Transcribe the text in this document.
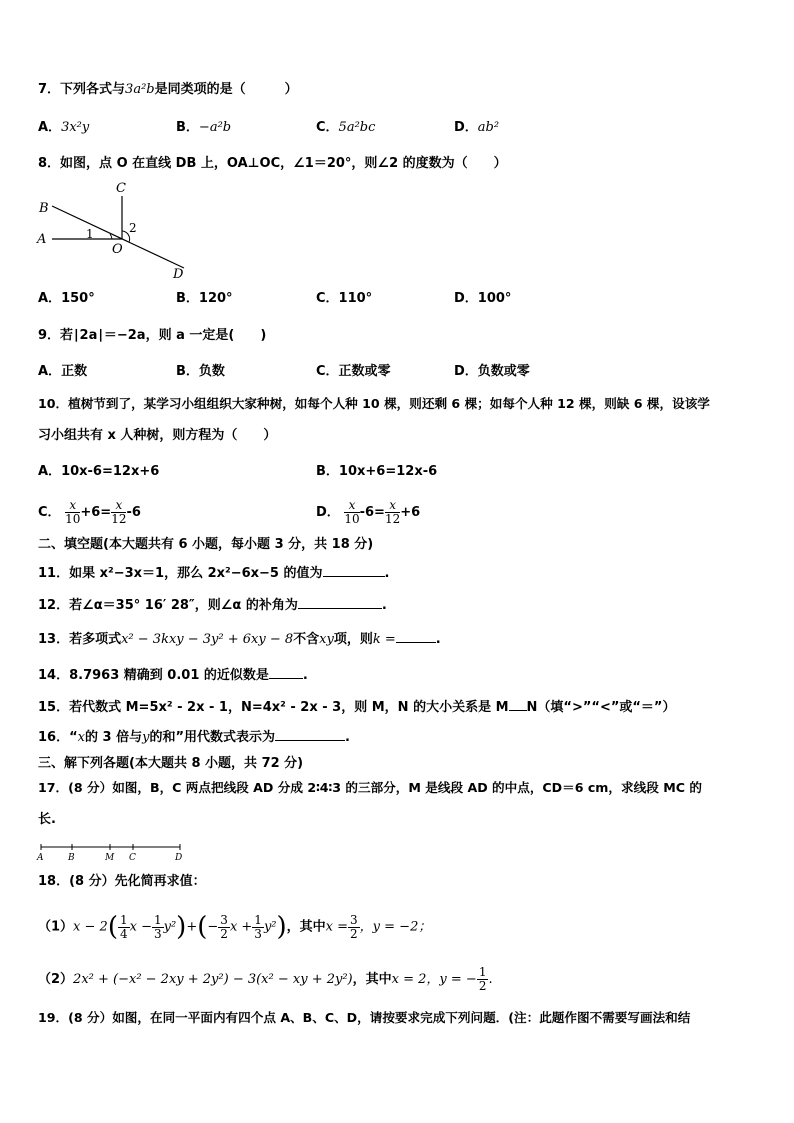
7．下列各式与3a²b是同类项的是（　　　）
A．3x²y	B．−a²b	C．5a²bc	D．ab²
8．如图，点 O 在直线 DB 上，OA⊥OC，∠1＝20°，则∠2 的度数为（　　）
B
C
A
O
D
1	2
A．150°	B．120°	C．110°	D．100°
9．若∣2a∣＝−2a，则 a 一定是(　　)
A．正数	B．负数	C．正数或零	D．负数或零
10．植树节到了，某学习小组组织大家种树，如每个人种 10 棵，则还剩 6 棵；如每个人种 12 棵，则缺 6 棵，设该学
习小组共有 x 人种树，则方程为（　　）
A．10x-6=12x+6	B．10x+6=12x-6
C． $\frac{x}{10} +6= \frac{x}{12} -6$	D． $\frac{x}{10} -6= \frac{x}{12} +6$
二、填空题(本大题共有 6 小题，每小题 3 分，共 18 分)
11．如果 x²−3x＝1，那么 2x²−6x−5 的值为	.
12．若∠α＝35° 16′ 28″，则∠α 的补角为	.
13．若多项式x² − 3kxy − 3y² + 6xy − 8不含xy项，则k =	.
14．8.7963 精确到 0.01 的近似数是	.
15．若代数式 M=5x² - 2x - 1，N=4x² - 2x - 3，则 M，N 的大小关系是 M N（填“>”“<”或“＝”）
16．“x的 3 倍与y的和”用代数式表示为	.
三、解下列各题(本大题共 8 小题，共 72 分)
17．(8 分）如图，B，C 两点把线段 AD 分成 2∶4∶3 的三部分，M 是线段 AD 的中点，CD＝6 cm，求线段 MC 的
长.
A	B	M C	D
18．(8 分）先化简再求值：
$(1)x - 2( \frac{1}{4}$ $x - \frac{1}{3} y^2)+(- \frac{3}{2}$ $x + \frac{1}{3} y^2$)，其中$x = \frac{3}{2}$ ，y = −2；
（2）2x² + (−x² − 2xy + 2y²) − 3(x² − xy + 2y²)，其中x = 2，y = − $\frac{1}{2}$ .
19．(8 分）如图，在同一平面内有四个点 A、B、C、D，请按要求完成下列问题．(注：此题作图不需要写画法和结
